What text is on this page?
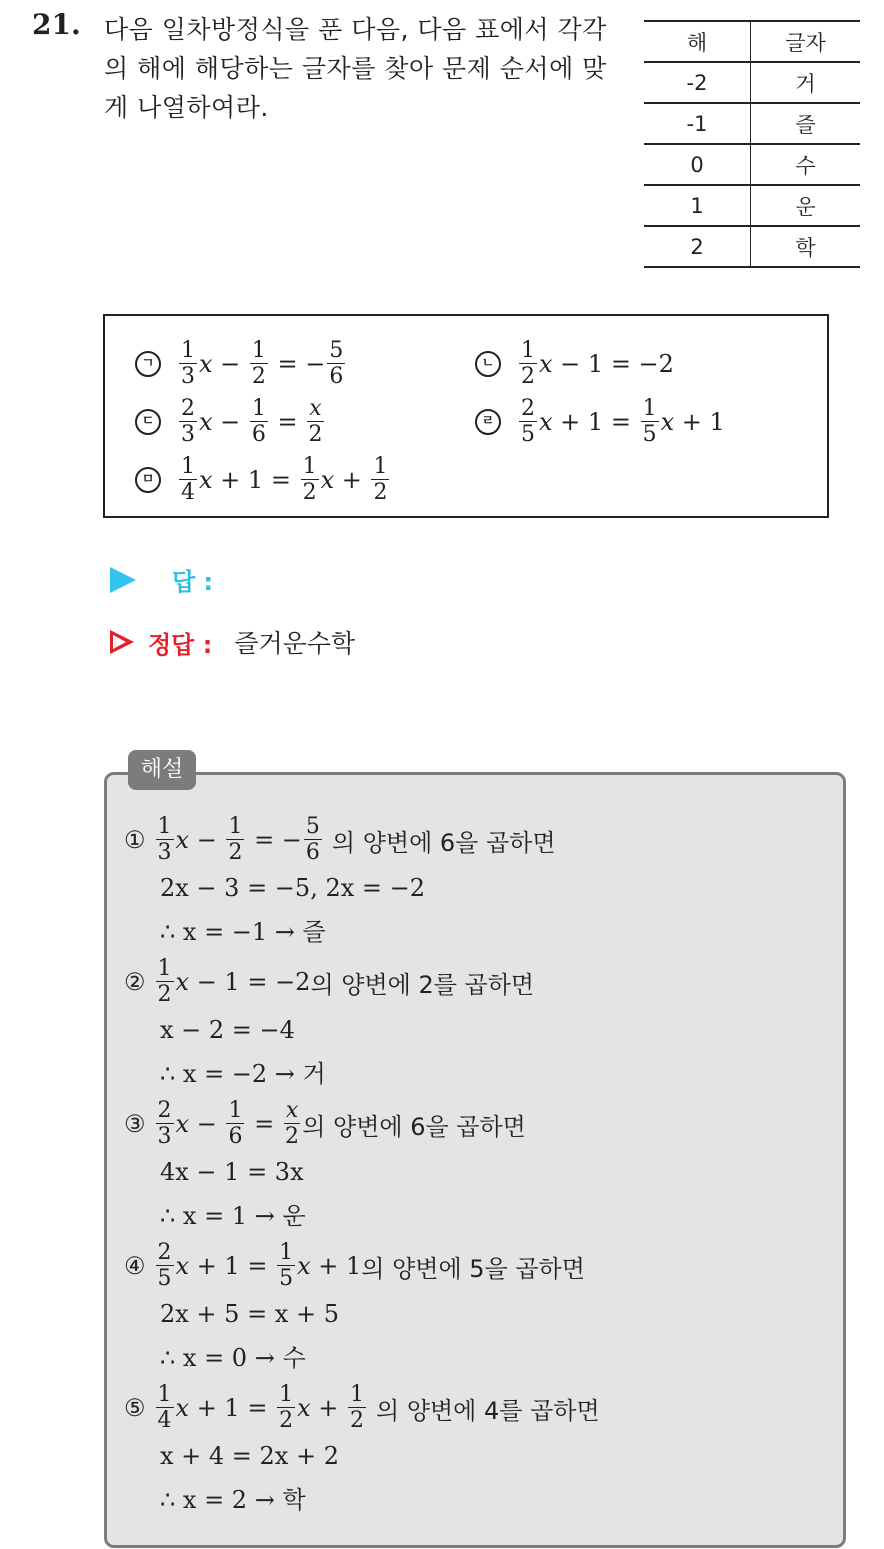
21. 다음 일차방정식을 푼 다음, 다음 표에서 각각의 해에 해당하는 글자를 찾아 문제 순서에 맞게 나열하여라.
해	글자
-2	거
-1	즐
0	수
1	운
2	학
ㄱ	$\frac{1}{3}$ $x - \frac{1}{2}$ = − $\frac{5}{6}$	ㄴ	$\frac{1}{2}$ x − 1 = −2
ㄷ	$\frac{2}{3}$ $x - \frac{1}{6} = \frac{x}{2}$	ㄹ	$\frac{2}{5}$ $x + 1 = \frac{1}{5}$ x + 1
ㅁ	$\frac{1}{4}$ $x + 1 = \frac{1}{2}$ $x + \frac{1}{2}$
답 :
정답 : 즐거운수학
해설
① $\frac{1}{3}$ $x - \frac{1}{2}$ = − $\frac{5}{6}$ 의 양변에 6을 곱하면
2x − 3 = −5, 2x = −2
∴ x = −1 → 즐
② $\frac{1}{2}$ x − 1 = −2 의 양변에 2를 곱하면
x − 2 = −4
∴ x = −2 → 거
③ $\frac{2}{3}$ $x - \frac{1}{6} = \frac{x}{2}$ 의 양변에 6을 곱하면
4x − 1 = 3x
∴ x = 1 → 운
④ $\frac{2}{5}$ $x + 1 = \frac{1}{5}$ x + 1 의 양변에 5을 곱하면
2x + 5 = x + 5
∴ x = 0 → 수
⑤ $\frac{1}{4}$ $x + 1 = \frac{1}{2}$ $x + \frac{1}{2}$ 의 양변에 4를 곱하면
x + 4 = 2x + 2
∴ x = 2 → 학
